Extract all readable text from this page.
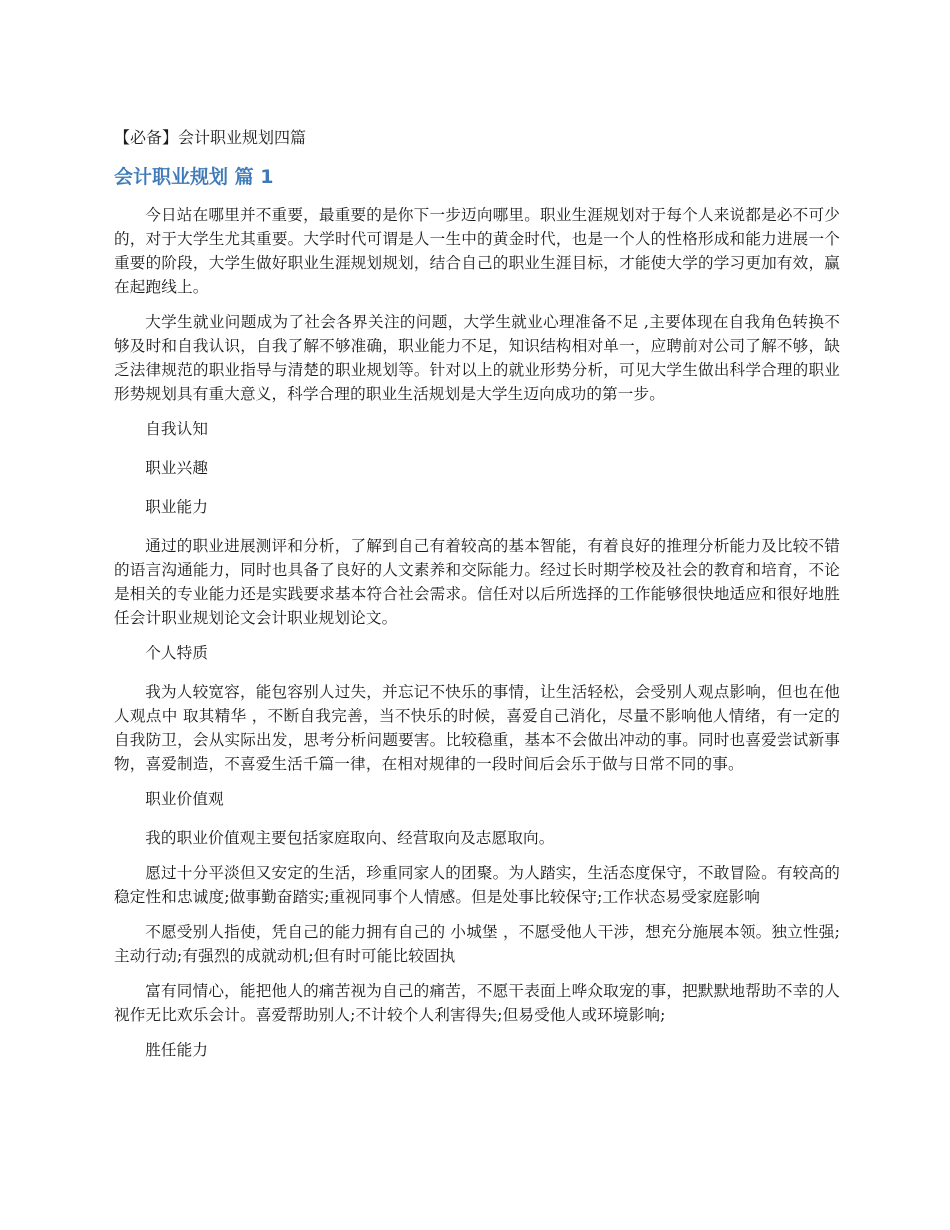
【必备】会计职业规划四篇
会计职业规划 篇 1

今日站在哪里并不重要，最重要的是你下一步迈向哪里。职业生涯规划对于每个人来说都是必不可少的，对于大学生尤其重要。大学时代可谓是人一生中的黄金时代，也是一个人的性格形成和能力进展一个重要的阶段，大学生做好职业生涯规划规划，结合自己的职业生涯目标，才能使大学的学习更加有效，赢在起跑线上。

大学生就业问题成为了社会各界关注的问题，大学生就业心理准备不足 ,主要体现在自我角色转换不够及时和自我认识，自我了解不够准确，职业能力不足，知识结构相对单一，应聘前对公司了解不够，缺乏法律规范的职业指导与清楚的职业规划等。针对以上的就业形势分析，可见大学生做出科学合理的职业形势规划具有重大意义，科学合理的职业生活规划是大学生迈向成功的第一步。

自我认知

职业兴趣

职业能力

通过的职业进展测评和分析，了解到自己有着较高的基本智能，有着良好的推理分析能力及比较不错的语言沟通能力，同时也具备了良好的人文素养和交际能力。经过长时期学校及社会的教育和培育，不论是相关的专业能力还是实践要求基本符合社会需求。信任对以后所选择的工作能够很快地适应和很好地胜任会计职业规划论文会计职业规划论文。

个人特质

我为人较宽容，能包容别人过失，并忘记不快乐的事情，让生活轻松，会受别人观点影响，但也在他人观点中 取其精华 ，不断自我完善，当不快乐的时候，喜爱自己消化，尽量不影响他人情绪，有一定的自我防卫，会从实际出发，思考分析问题要害。比较稳重，基本不会做出冲动的事。同时也喜爱尝试新事物，喜爱制造，不喜爱生活千篇一律，在相对规律的一段时间后会乐于做与日常不同的事。

职业价值观

我的职业价值观主要包括家庭取向、经营取向及志愿取向。

愿过十分平淡但又安定的生活，珍重同家人的团聚。为人踏实，生活态度保守，不敢冒险。有较高的稳定性和忠诚度;做事勤奋踏实;重视同事个人情感。但是处事比较保守;工作状态易受家庭影响

不愿受别人指使，凭自己的能力拥有自己的 小城堡 ，不愿受他人干涉，想充分施展本领。独立性强;主动行动;有强烈的成就动机;但有时可能比较固执

富有同情心，能把他人的痛苦视为自己的痛苦，不愿干表面上哗众取宠的事，把默默地帮助不幸的人视作无比欢乐会计。喜爱帮助别人;不计较个人利害得失;但易受他人或环境影响;

胜任能力
